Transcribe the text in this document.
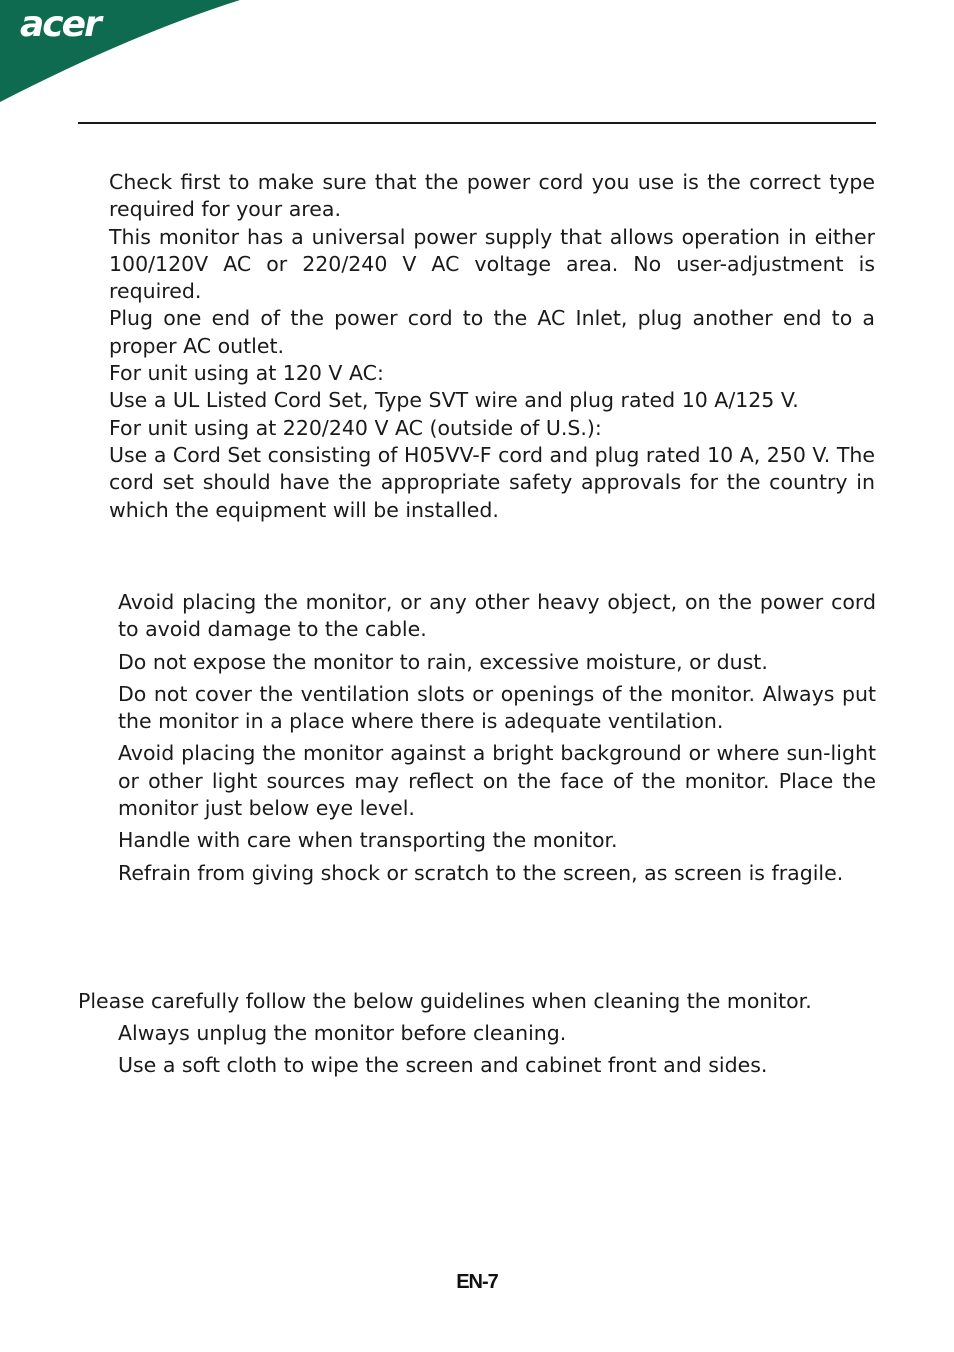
acer

Check first to make sure that the power cord you use is the correct type required for your area.

This monitor has a universal power supply that allows operation in either 100/120V AC or 220/240 V AC voltage area. No user-adjustment is required.

Plug one end of the power cord to the AC Inlet, plug another end to a proper AC outlet.

For unit using at 120 V AC:

Use a UL Listed Cord Set, Type SVT wire and plug rated 10 A/125 V.

For unit using at 220/240 V AC (outside of U.S.):

Use a Cord Set consisting of H05VV-F cord and plug rated 10 A, 250 V. The cord set should have the appropriate safety approvals for the country in which the equipment will be installed.

Avoid placing the monitor, or any other heavy object, on the power cord to avoid damage to the cable.

Do not expose the monitor to rain, excessive moisture, or dust.

Do not cover the ventilation slots or openings of the monitor. Always put the monitor in a place where there is adequate ventilation.

Avoid placing the monitor against a bright background or where sun-light or other light sources may reflect on the face of the monitor. Place the monitor just below eye level.

Handle with care when transporting the monitor.

Refrain from giving shock or scratch to the screen, as screen is fragile.

Please carefully follow the below guidelines when cleaning the monitor.

Always unplug the monitor before cleaning.

Use a soft cloth to wipe the screen and cabinet front and sides.

EN-7
